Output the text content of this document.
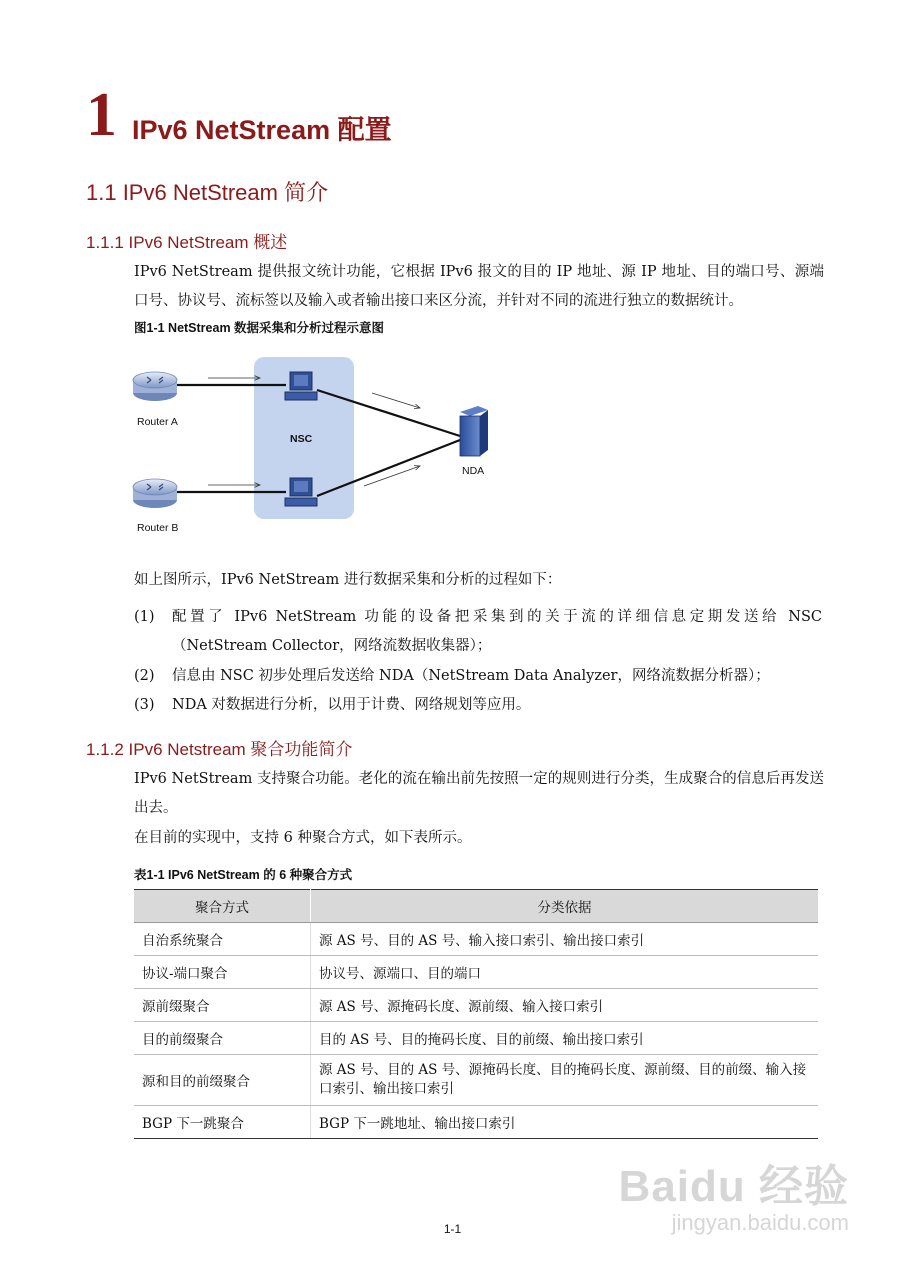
1 IPv6 NetStream 配置
1.1 IPv6 NetStream 简介
1.1.1 IPv6 NetStream 概述
IPv6 NetStream 提供报文统计功能，它根据 IPv6 报文的目的 IP 地址、源 IP 地址、目的端口号、源端口号、协议号、流标签以及输入或者输出接口来区分流，并针对不同的流进行独立的数据统计。
图1-1 NetStream 数据采集和分析过程示意图
Router A
Router B
NSC
NDA
如上图所示，IPv6 NetStream 进行数据采集和分析的过程如下：
(1) 配置了 IPv6 NetStream 功能的设备把采集到的关于流的详细信息定期发送给 NSC
（NetStream Collector，网络流数据收集器）；
(2) 信息由 NSC 初步处理后发送给 NDA（NetStream Data Analyzer，网络流数据分析器）；
(3) NDA 对数据进行分析，以用于计费、网络规划等应用。
1.1.2 IPv6 Netstream 聚合功能简介
IPv6 NetStream 支持聚合功能。老化的流在输出前先按照一定的规则进行分类，生成聚合的信息后再发送出去。
在目前的实现中，支持 6 种聚合方式，如下表所示。
表1-1 IPv6 NetStream 的 6 种聚合方式
聚合方式	分类依据
自治系统聚合	源 AS 号、目的 AS 号、输入接口索引、输出接口索引
协议-端口聚合	协议号、源端口、目的端口
源前缀聚合	源 AS 号、源掩码长度、源前缀、输入接口索引
目的前缀聚合	目的 AS 号、目的掩码长度、目的前缀、输出接口索引
源和目的前缀聚合	源 AS 号、目的 AS 号、源掩码长度、目的掩码长度、源前缀、目的前缀、输入接口索引、输出接口索引
BGP 下一跳聚合	BGP 下一跳地址、输出接口索引
1-1
Baidu 经验
jingyan.baidu.com
